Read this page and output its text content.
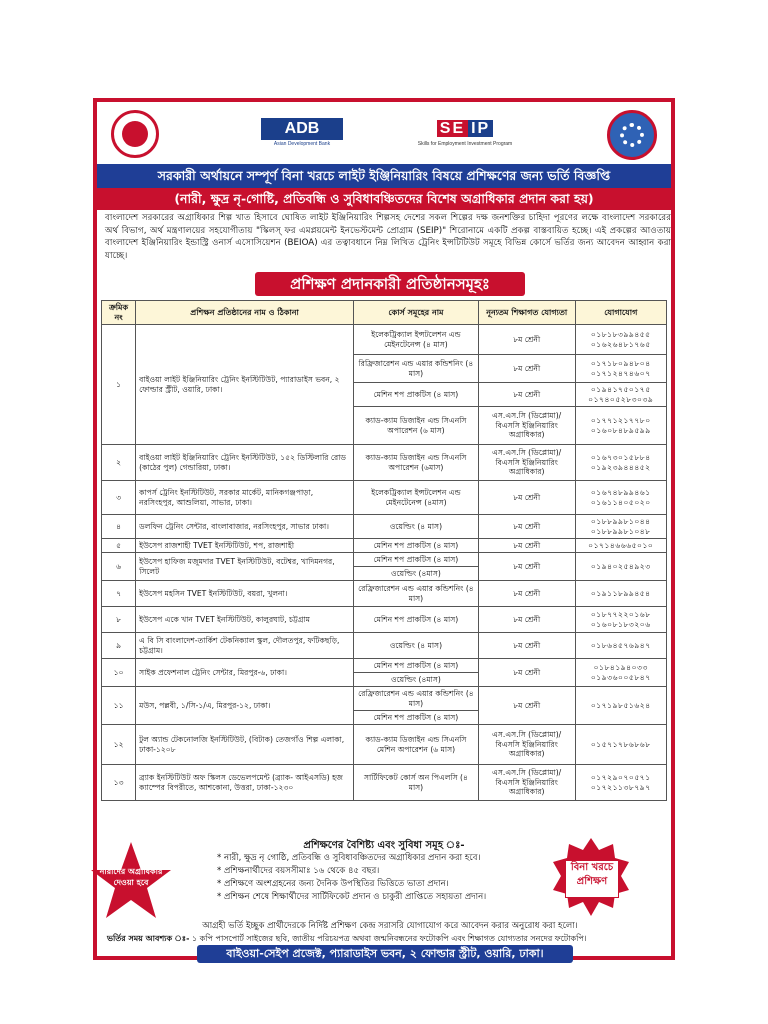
ADB
Asian Development Bank
SE IP
Skills for Employment Investment Program
সরকারী অর্থায়নে সম্পূর্ণ বিনা খরচে লাইট ইঞ্জিনিয়ারিং বিষয়ে প্রশিক্ষণের জন্য ভর্তি বিজ্ঞপ্তি
(নারী, ক্ষুদ্র নৃ-গোষ্টি, প্রতিবন্ধি ও সুবিধাবঞ্চিতদের বিশেষ অগ্রাধিকার প্রদান করা হয়)
বাংলাদেশ সরকারের অগ্রাধিকার শিল্প খাত হিসাবে ঘোষিত লাইট ইঞ্জিনিয়ারিং শিল্পসহ দেশের সকল শিল্পের দক্ষ জনশক্তির চাহিদা পূরণের লক্ষে বাংলাদেশ সরকারের অর্থ বিভাগ, অর্থ মন্ত্রণালয়ের সহযোগীতায় "স্কিলস্ ফর এমপ্লয়মেন্ট ইনভেস্টমেন্ট প্রোগ্রাম (SEIP)" শিরোনামে একটি প্রকল্প বাস্তবায়িত হচ্ছে। এই প্রকল্পের আওতায় বাংলাদেশ ইঞ্জিনিয়ারিং ইন্ডাস্ট্রি ওনার্স এসোসিয়েশন (BEIOA) এর তত্বাবধানে নিম্ন লিখিত ট্রেনিং ইন্সটিটিউট সমূহে বিভিন্ন কোর্সে ভর্তির জন্য আবেদন আহ্বান করা যাচ্ছে।
প্রশিক্ষণ প্রদানকারী প্রতিষ্ঠানসমূহঃ
ক্রমিক নং	প্রশিক্ষন প্রতিষ্ঠানের নাম ও ঠিকানা	কোর্স সমূহের নাম	নূন্যতম শিক্ষাগত যোগ্যতা	যোগাযোগ
১	বাইওয়া লাইট ইঞ্জিনিয়ারিং ট্রেনিং ইনস্টিটিউট, প্যারাডাইস ভবন, ২ ফোল্ডার স্ট্রীট, ওয়ারি, ঢাকা।	ইলেকট্রিক্যাল ইন্সটলেশন এন্ড মেইনটেনেন্স (৪ মাস)	৮ম শ্রেনী	০১৮১৮৩৯৯৪৫৫
০১৬২৬৪৮১৭৬৫

		রিফ্রিজারেশন এন্ড এয়ার কন্ডিশনিং (৪ মাস)	৮ম শ্রেনী	০১৭১৮০৯৪৮০৪
০১৭১২৪৭৪৬০৭

		মেশিন শপ প্রাকটিস (৪ মাস)	৮ম শ্রেনী	০১৯৪১৭৫০১৭৫
০১৭৪০৫২৮৩০৩৯

		ক্যাড-ক্যাম ডিজাইন এন্ড সিএনসি অপারেশন (৬ মাস)	এস.এস.সি (ডিপ্লোমা)/বিএসসি ইঞ্জিনিয়ারিং অগ্রাধিকার)	০১৭৭১২১৭৭৮০
০১৬০৮৪৮৯৫৯৯

২	বাইওয়া লাইট ইঞ্জিনিয়ারিং ট্রেনিং ইনস্টিটিউট, ১৫২ ডিস্টিলারি রোড (কাঠের পুল) গেন্ডারিয়া, ঢাকা।	ক্যাড-ক্যাম ডিজাইন এন্ড সিএনসি অপারেশন (৬মাস)	এস.এস.সি (ডিপ্লোমা)/বিএসসি ইঞ্জিনিয়ারিং অগ্রাধিকার)	০১৬৭৩০১৫৮৮৪
০১৯২৩৯৪৪৪৫২

৩	কাপর্স ট্রেনিং ইনস্টিটিউট, সরকার মার্কেট, মানিকগঞ্জপাড়া, নরসিংহপুর, আশুলিয়া, সাভার, ঢাকা।	ইলেকট্রিক্যাল ইন্সটলেশন এন্ড মেইনটেনেন্স (৪মাস)	৮ম শ্রেনী	০১৬৭৪৮৯৯৪৬১
০১৬১১৪০৫০২০

৪	ডলফিন ট্রেনিং সেন্টার, বাংলাবাজার, নরসিংহপুর, সাভার ঢাকা।	ওয়েল্ডিং (৪ মাস)	৮ম শ্রেনী	০১৮৮৯৯৮১০৪৪
০১৮৮৯৯৮১০৪৮

৫	ইউসেপ রাজশাহী TVET ইনস্টিটিউট, শপ, রাজশাহী	মেশিন শপ প্রাকটিস (৪ মাস)	৮ম শ্রেনী	০১৭১৪৬৬৬৫০১০

৬	ইউসেপ হাফিজ মজুমদার TVET ইনস্টিটিউট, বটেশ্বর, খাদিমনগর, সিলেট	মেশিন শপ প্রাকটিস (৪ মাস)	৮ম শ্রেনী	০১৯৪০২৫৪৯২৩

		ওয়েল্ডিং (৪মাস)		
৭	ইউসেপ মহসিন TVET ইনস্টিটিউট, বয়রা, খুলনা।	রেফ্রিজারেশন এন্ড এয়ার কন্ডিশনিং (৪ মাস)	৮ম শ্রেনী	০১৯১১৮৯৯৪৫৪

৮	ইউসেপ একে খান TVET ইনস্টিটিউট, কালুরঘাট, চট্টগ্রাম	মেশিন শপ প্রাকটিস (৪ মাস)	৮ম শ্রেনী	০১৮৭৭২২০১৬৮
০১৬০৮১৮৩২০৬

৯	এ বি সি বাংলাদেশ-তার্কিশ টেকনিক্যাল স্কুল, দৌলতপুর, ফটিকছড়ি, চট্টগ্রাম।	ওয়েল্ডিং (৪ মাস)	৮ম শ্রেনী	০১৮৬৪৫৭৬৯৪৭

১০	সাইক প্রফেশনাল ট্রেনিং সেন্টার, মিরপুর-৬, ঢাকা।	মেশিন শপ প্রাকটিস (৪ মাস)	৮ম শ্রেনী	০১৮৪১৯৪০৩৩
০১৯৩৬০০৫৮৪৭

		ওয়েল্ডিং (৪মাস)		
১১	মউস, পল্লবী, ১/সি-১/এ, মিরপুর-১২, ঢাকা।	রেফ্রিজারেশন এন্ড এয়ার কন্ডিশনিং (৪ মাস)	৮ম শ্রেনী	০১৭১৯৮৫১৬২৪

		মেশিন শপ প্রাকটিস (৪ মাস)		
১২	টুল অ্যান্ড টেকনোলজি ইনস্টিটিউট, (বিটাক) তেজগাঁও শিল্প এলাকা, ঢাকা-১২০৮	ক্যাড-ক্যাম ডিজাইন এন্ড সিএনসি মেশিন অপারেশন (৬ মাস)	এস.এস.সি (ডিপ্লোমা)/বিএসসি ইঞ্জিনিয়ারিং অগ্রাধিকার)	০১৫৭১৭৮৬৮৬৮

১৩	ব্র্যাক ইনস্টিটিউট অফ স্কিলস ডেভেলপমেন্ট (ব্র্যাক- আইএসডি) হজ ক্যাম্পের বিপরীতে, আশকোনা, উত্তরা, ঢাকা-১২৩০	সার্টিফিকেট কোর্স অন পিএলসি (৪ মাস)	এস.এস.সি (ডিপ্লোমা)/বিএসসি ইঞ্জিনিয়ারিং অগ্রাধিকার)	০১৭২৯০৭০৫৭১
০১৭২১১৩৮৭৯৭
নারীদের অগ্রাধিকার দেওয়া হবে
প্রশিক্ষণের বৈশিষ্ট্য এবং সুবিধা সমূহ ঃ-
* নারী, ক্ষুদ্র নৃ গোষ্ঠি, প্রতিবন্ধি ও সুবিধাবঞ্চিতদের অগ্রাধিকার প্রদান করা হবে।
* প্রশিক্ষনার্থীদের বয়সসীমাঃ ১৬ থেকে ৪৫ বছর।
* প্রশিক্ষণে অংশগ্রহনের জন্য দৈনিক উপস্থিতির ভিত্তিতে ভাতা প্রদান।
* প্রশিক্ষন শেষে শিক্ষার্থীদের সার্টিফিকেট প্রদান ও চাকুরী প্রাপ্তিতে সহায়তা প্রদান।
বিনা খরচে প্রশিক্ষণ
আগ্রহী ভর্তি ইচ্ছুক প্রার্থীদেরকে নির্দিষ্ট প্রশিক্ষণ কেন্দ্র সরাসরি যোগাযোগ করে আবেদন করার অনুরোধ করা হলো।
ভর্তির সময় আবশ্যক ঃ- ১ কপি পাসপোর্ট সাইজের ছবি, জাতীয় পরিচয়পত্র অথবা জন্মনিবন্ধনের ফটোকপি এবং শিক্ষাগত যোগ্যতার সনদের ফটোকপি।
বাইওয়া-সেইপ প্রজেক্ট, প্যারাডাইস ভবন, ২ ফোল্ডার স্ট্রীট, ওয়ারি, ঢাকা।
